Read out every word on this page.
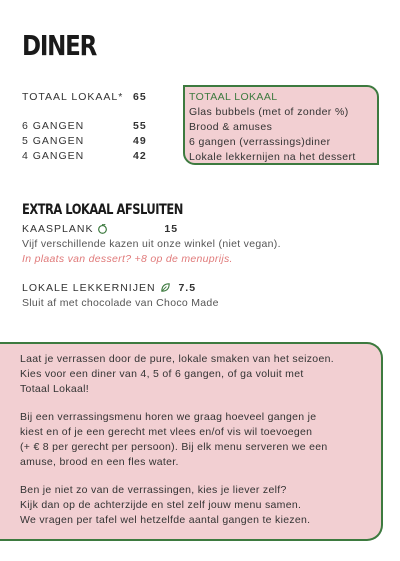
DINER
TOTAAL LOKAAL* 65
6 GANGEN	55
5 GANGEN	49
4 GANGEN	42
TOTAAL LOKAAL
Glas bubbels (met of zonder %)
Brood & amuses
6 gangen (verrassings)diner
Lokale lekkernijen na het dessert
EXTRA LOKAAL AFSLUITEN
KAASPLANK	15
Vijf verschillende kazen uit onze winkel (niet vegan).
In plaats van dessert? +8 op de menuprijs.
LOKALE LEKKERNIJEN 7.5
Sluit af met chocolade van Choco Made

Laat je verrassen door de pure, lokale smaken van het seizoen.
Kies voor een diner van 4, 5 of 6 gangen, of ga voluit met
Totaal Lokaal!

Bij een verrassingsmenu horen we graag hoeveel gangen je
kiest en of je een gerecht met vlees en/of vis wil toevoegen
(+ € 8 per gerecht per persoon). Bij elk menu serveren we een
amuse, brood en een fles water.

Ben je niet zo van de verrassingen, kies je liever zelf?
Kijk dan op de achterzijde en stel zelf jouw menu samen.
We vragen per tafel wel hetzelfde aantal gangen te kiezen.
